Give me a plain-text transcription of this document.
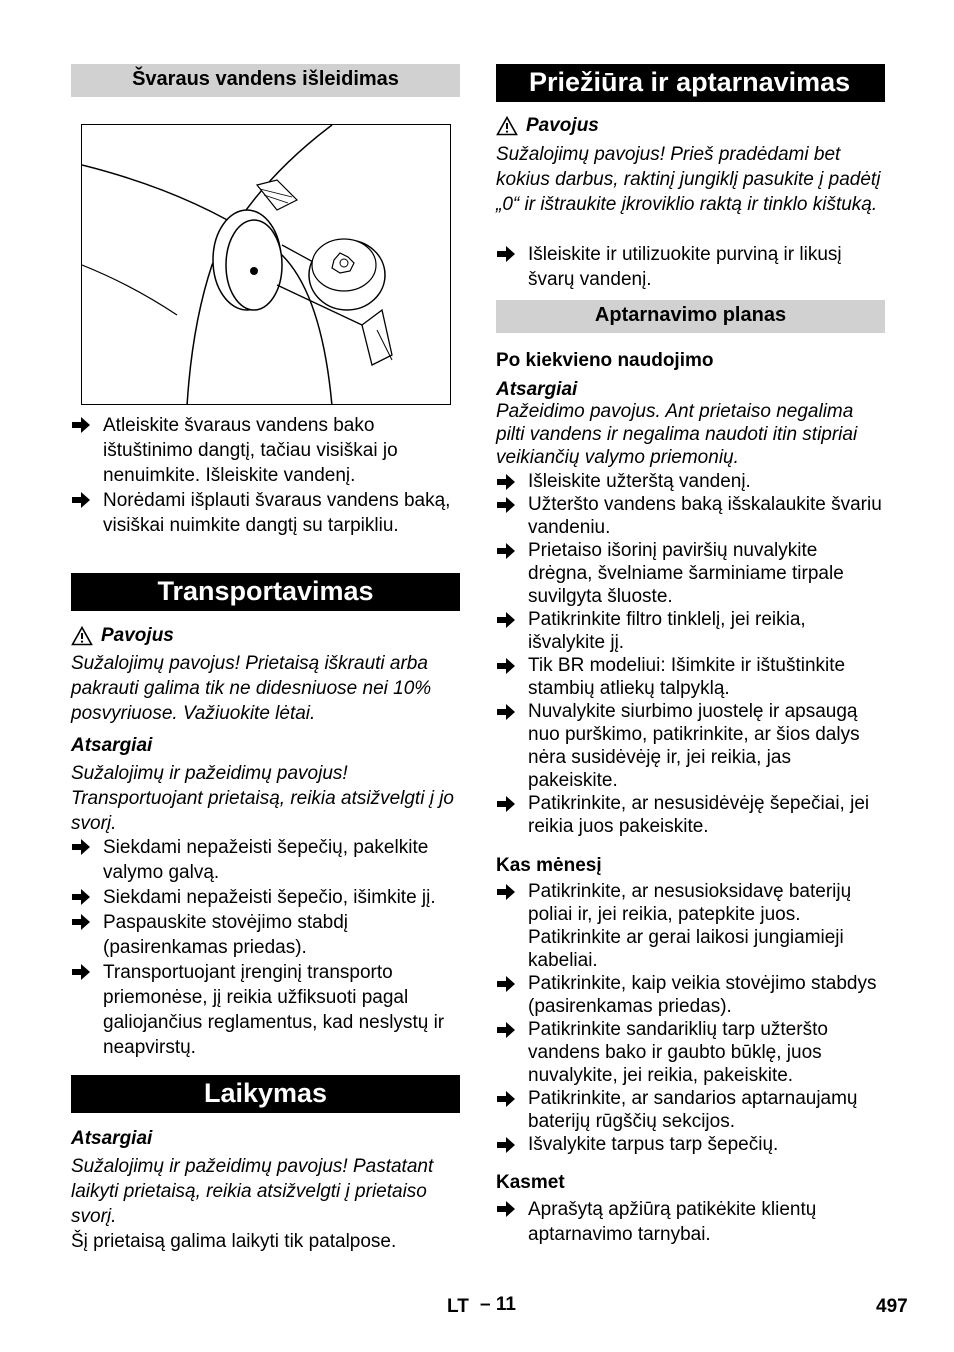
Švaraus vandens išleidimas
Atleiskite švaraus vandens bako ištuštinimo dangtį, tačiau visiškai jo nenuimkite. Išleiskite vandenį.
Norėdami išplauti švaraus vandens baką, visiškai nuimkite dangtį su tarpikliu.
Transportavimas
Pavojus

Sužalojimų pavojus! Prietaisą iškrauti arba pakrauti galima tik ne didesniuose nei 10% posvyriuose. Važiuokite lėtai.

Atsargiai

Sužalojimų ir pažeidimų pavojus! Transportuojant prietaisą, reikia atsižvelgti į jo svorį.

Siekdami nepažeisti šepečių, pakelkite valymo galvą.
Siekdami nepažeisti šepečio, išimkite jį.
Paspauskite stovėjimo stabdį (pasirenkamas priedas).
Transportuojant įrenginį transporto priemonėse, jį reikia užfiksuoti pagal galiojančius reglamentus, kad neslystų ir neapvirstų.
Laikymas

Atsargiai

Sužalojimų ir pažeidimų pavojus! Pastatant laikyti prietaisą, reikia atsižvelgti į prietaiso svorį.

Šį prietaisą galima laikyti tik patalpose.

Priežiūra ir aptarnavimas
Pavojus

Sužalojimų pavojus! Prieš pradėdami bet kokius darbus, raktinį jungiklį pasukite į padėtį „0“ ir ištraukite įkroviklio raktą ir tinklo kištuką.

Išleiskite ir utilizuokite purviną ir likusį švarų vandenį.
Aptarnavimo planas

Po kiekvieno naudojimo

Atsargiai

Pažeidimo pavojus. Ant prietaiso negalima pilti vandens ir negalima naudoti itin stipriai veikiančių valymo priemonių.

Išleiskite užterštą vandenį.
Užteršto vandens baką išskalaukite švariu vandeniu.
Prietaiso išorinį paviršių nuvalykite drėgna, švelniame šarminiame tirpale suvilgyta šluoste.
Patikrinkite filtro tinklelį, jei reikia, išvalykite jį.
Tik BR modeliui: Išimkite ir ištuštinkite stambių atliekų talpyklą.
Nuvalykite siurbimo juostelę ir apsaugą nuo purškimo, patikrinkite, ar šios dalys nėra susidėvėję ir, jei reikia, jas pakeiskite.
Patikrinkite, ar nesusidėvėję šepečiai, jei reikia juos pakeiskite.

Kas mėnesį

Patikrinkite, ar nesusioksidavę baterijų poliai ir, jei reikia, patepkite juos. Patikrinkite ar gerai laikosi jungiamieji kabeliai.
Patikrinkite, kaip veikia stovėjimo stabdys (pasirenkamas priedas).
Patikrinkite sandariklių tarp užteršto vandens bako ir gaubto būklę, juos nuvalykite, jei reikia, pakeiskite.
Patikrinkite, ar sandarios aptarnaujamų baterijų rūgščių sekcijos.
Išvalykite tarpus tarp šepečių.

Kasmet

Aprašytą apžiūrą patikėkite klientų aptarnavimo tarnybai.
LT – 11	497
